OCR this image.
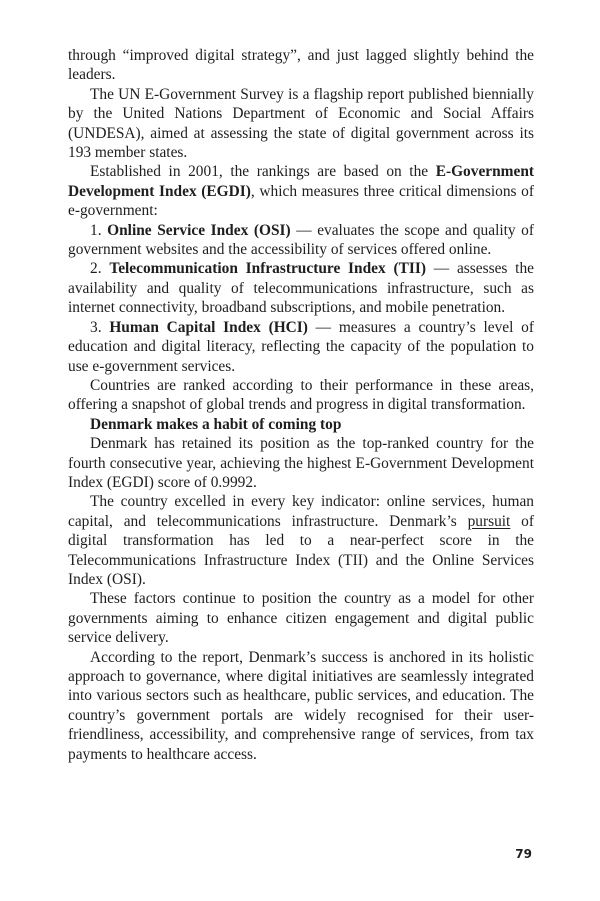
through “improved digital strategy”, and just lagged slightly behind the leaders.

The UN E-Government Survey is a flagship report published biennially by the United Nations Department of Economic and Social Affairs (UNDESA), aimed at assessing the state of digital government across its 193 member states.

Established in 2001, the rankings are based on the E-Government Development Index (EGDI), which measures three critical dimensions of e-government:

1. Online Service Index (OSI) — evaluates the scope and quality of government websites and the accessibility of services offered online.

2. Telecommunication Infrastructure Index (TII) — assesses the availability and quality of telecommunications infrastructure, such as internet connectivity, broadband subscriptions, and mobile penetration.

3. Human Capital Index (HCI) — measures a country’s level of education and digital literacy, reflecting the capacity of the population to use e-government services.

Countries are ranked according to their performance in these areas, offering a snapshot of global trends and progress in digital transformation.

Denmark makes a habit of coming top

Denmark has retained its position as the top-ranked country for the fourth consecutive year, achieving the highest E-Government Development Index (EGDI) score of 0.9992.

The country excelled in every key indicator: online services, human capital, and telecommunications infrastructure. Denmark’s pursuit of digital transformation has led to a near-perfect score in the Telecommunications Infrastructure Index (TII) and the Online Services Index (OSI).

These factors continue to position the country as a model for other governments aiming to enhance citizen engagement and digital public service delivery.

According to the report, Denmark’s success is anchored in its holistic approach to governance, where digital initiatives are seamlessly integrated into various sectors such as healthcare, public services, and education. The country’s government portals are widely recognised for their user-friendliness, accessibility, and comprehensive range of services, from tax payments to healthcare access.

79
